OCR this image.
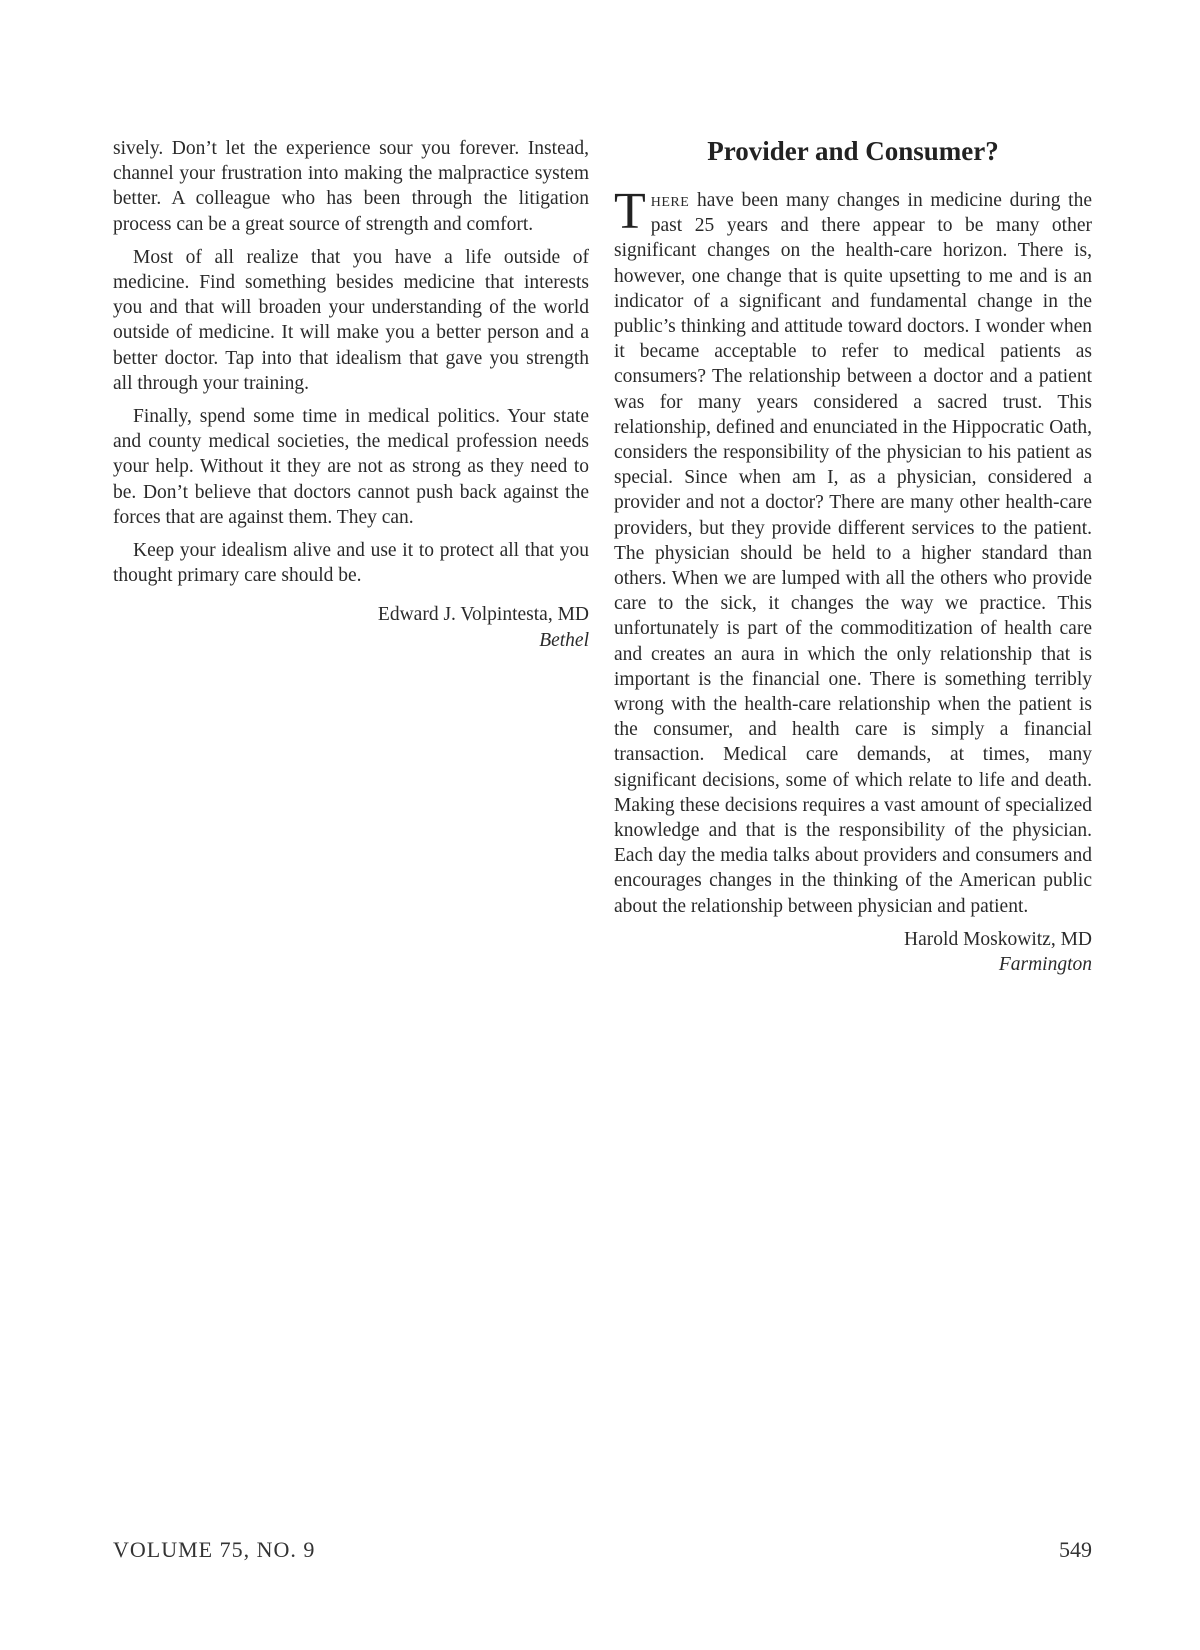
sively. Don’t let the experience sour you forever. Instead, channel your frustration into making the malpractice system better. A colleague who has been through the litigation process can be a great source of strength and comfort.

Most of all realize that you have a life outside of medicine. Find something besides medicine that interests you and that will broaden your understanding of the world outside of medicine. It will make you a better person and a better doctor. Tap into that idealism that gave you strength all through your training.

Finally, spend some time in medical politics. Your state and county medical societies, the medical profession needs your help. Without it they are not as strong as they need to be. Don’t believe that doctors cannot push back against the forces that are against them. They can.

Keep your idealism alive and use it to protect all that you thought primary care should be.

Edward J. Volpintesta, MD
Bethel
Provider and Consumer?

There have been many changes in medicine during the past 25 years and there appear to be many other significant changes on the health-care horizon. There is, however, one change that is quite upsetting to me and is an indicator of a significant and fundamental change in the public’s thinking and attitude toward doctors. I wonder when it became acceptable to refer to medical patients as consumers? The relationship between a doctor and a patient was for many years considered a sacred trust. This relationship, defined and enunciated in the Hippocratic Oath, considers the responsibility of the physician to his patient as special. Since when am I, as a physician, considered a provider and not a doctor? There are many other health-care providers, but they provide different services to the patient. The physician should be held to a higher standard than others. When we are lumped with all the others who provide care to the sick, it changes the way we practice. This unfortunately is part of the commoditization of health care and creates an aura in which the only relationship that is important is the financial one. There is something terribly wrong with the health-care relationship when the patient is the consumer, and health care is simply a financial transaction. Medical care demands, at times, many significant decisions, some of which relate to life and death. Making these decisions requires a vast amount of specialized knowledge and that is the responsibility of the physician. Each day the media talks about providers and consumers and encourages changes in the thinking of the American public about the relationship between physician and patient.

Harold Moskowitz, MD
Farmington
VOLUME 75, NO. 9	549
